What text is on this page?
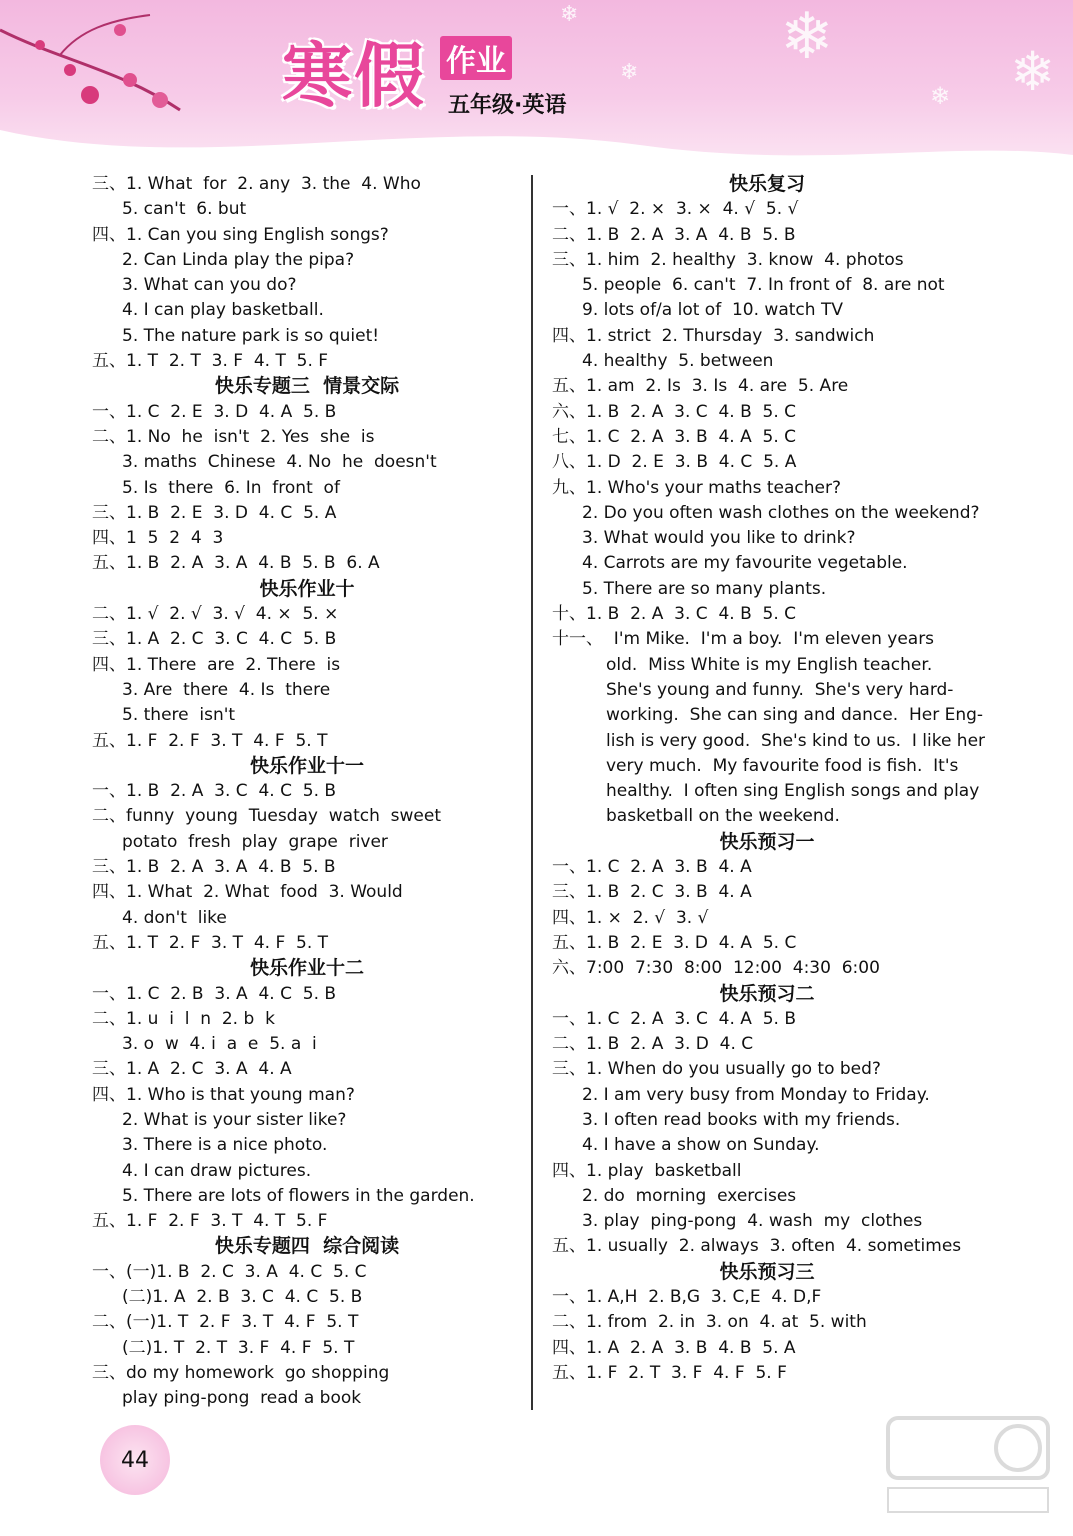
❄	❄
❄
❄ ❄
寒假 作业
五年级·英语
三、1. What  for  2. any  3. the  4. Who
5. can't  6. but
四、1. Can you sing English songs?
2. Can Linda play the pipa?
3. What can you do?
4. I can play basketball.
5. The nature park is so quiet!
五、1. T  2. T  3. F  4. T  5. F
快乐专题三  情景交际
一、1. C  2. E  3. D  4. A  5. B
二、1. No  he  isn't  2. Yes  she  is
3. maths  Chinese  4. No  he  doesn't
5. Is  there  6. In  front  of
三、1. B  2. E  3. D  4. C  5. A
四、1  5  2  4  3
五、1. B  2. A  3. A  4. B  5. B  6. A
快乐作业十
二、1. √  2. √  3. √  4. ×  5. ×
三、1. A  2. C  3. C  4. C  5. B
四、1. There  are  2. There  is
3. Are  there  4. Is  there
5. there  isn't
五、1. F  2. F  3. T  4. F  5. T
快乐作业十一
一、1. B  2. A  3. C  4. C  5. B
二、funny  young  Tuesday  watch  sweet
potato  fresh  play  grape  river
三、1. B  2. A  3. A  4. B  5. B
四、1. What  2. What  food  3. Would
4. don't  like
五、1. T  2. F  3. T  4. F  5. T
快乐作业十二
一、1. C  2. B  3. A  4. C  5. B
二、1. u  i  l  n  2. b  k
3. o  w  4. i  a  e  5. a  i
三、1. A  2. C  3. A  4. A
四、1. Who is that young man?
2. What is your sister like?
3. There is a nice photo.
4. I can draw pictures.
5. There are lots of flowers in the garden.
五、1. F  2. F  3. T  4. T  5. F
快乐专题四  综合阅读
一、(一)1. B  2. C  3. A  4. C  5. C
(二)1. A  2. B  3. C  4. C  5. B
二、(一)1. T  2. F  3. T  4. F  5. T
(二)1. T  2. T  3. F  4. F  5. T
三、do my homework  go shopping
play ping-pong  read a book
快乐复习
一、1. √  2. ×  3. ×  4. √  5. √
二、1. B  2. A  3. A  4. B  5. B
三、1. him  2. healthy  3. know  4. photos
5. people  6. can't  7. In front of  8. are not
9. lots of/a lot of  10. watch TV
四、1. strict  2. Thursday  3. sandwich
4. healthy  5. between
五、1. am  2. Is  3. Is  4. are  5. Are
六、1. B  2. A  3. C  4. B  5. C
七、1. C  2. A  3. B  4. A  5. C
八、1. D  2. E  3. B  4. C  5. A
九、1. Who's your maths teacher?
2. Do you often wash clothes on the weekend?
3. What would you like to drink?
4. Carrots are my favourite vegetable.
5. There are so many plants.
十、1. B  2. A  3. C  4. B  5. C
十一、  I'm Mike.  I'm a boy.  I'm eleven years
old.  Miss White is my English teacher.
She's young and funny.  She's very hard-
working.  She can sing and dance.  Her Eng-
lish is very good.  She's kind to us.  I like her
very much.  My favourite food is fish.  It's
healthy.  I often sing English songs and play
basketball on the weekend.
快乐预习一
一、1. C  2. A  3. B  4. A
三、1. B  2. C  3. B  4. A
四、1. ×  2. √  3. √
五、1. B  2. E  3. D  4. A  5. C
六、7:00  7:30  8:00  12:00  4:30  6:00
快乐预习二
一、1. C  2. A  3. C  4. A  5. B
二、1. B  2. A  3. D  4. C
三、1. When do you usually go to bed?
2. I am very busy from Monday to Friday.
3. I often read books with my friends.
4. I have a show on Sunday.
四、1. play  basketball
2. do  morning  exercises
3. play  ping-pong  4. wash  my  clothes
五、1. usually  2. always  3. often  4. sometimes
快乐预习三
一、1. A,H  2. B,G  3. C,E  4. D,F
二、1. from  2. in  3. on  4. at  5. with
四、1. A  2. A  3. B  4. B  5. A
五、1. F  2. T  3. F  4. F  5. F
44
